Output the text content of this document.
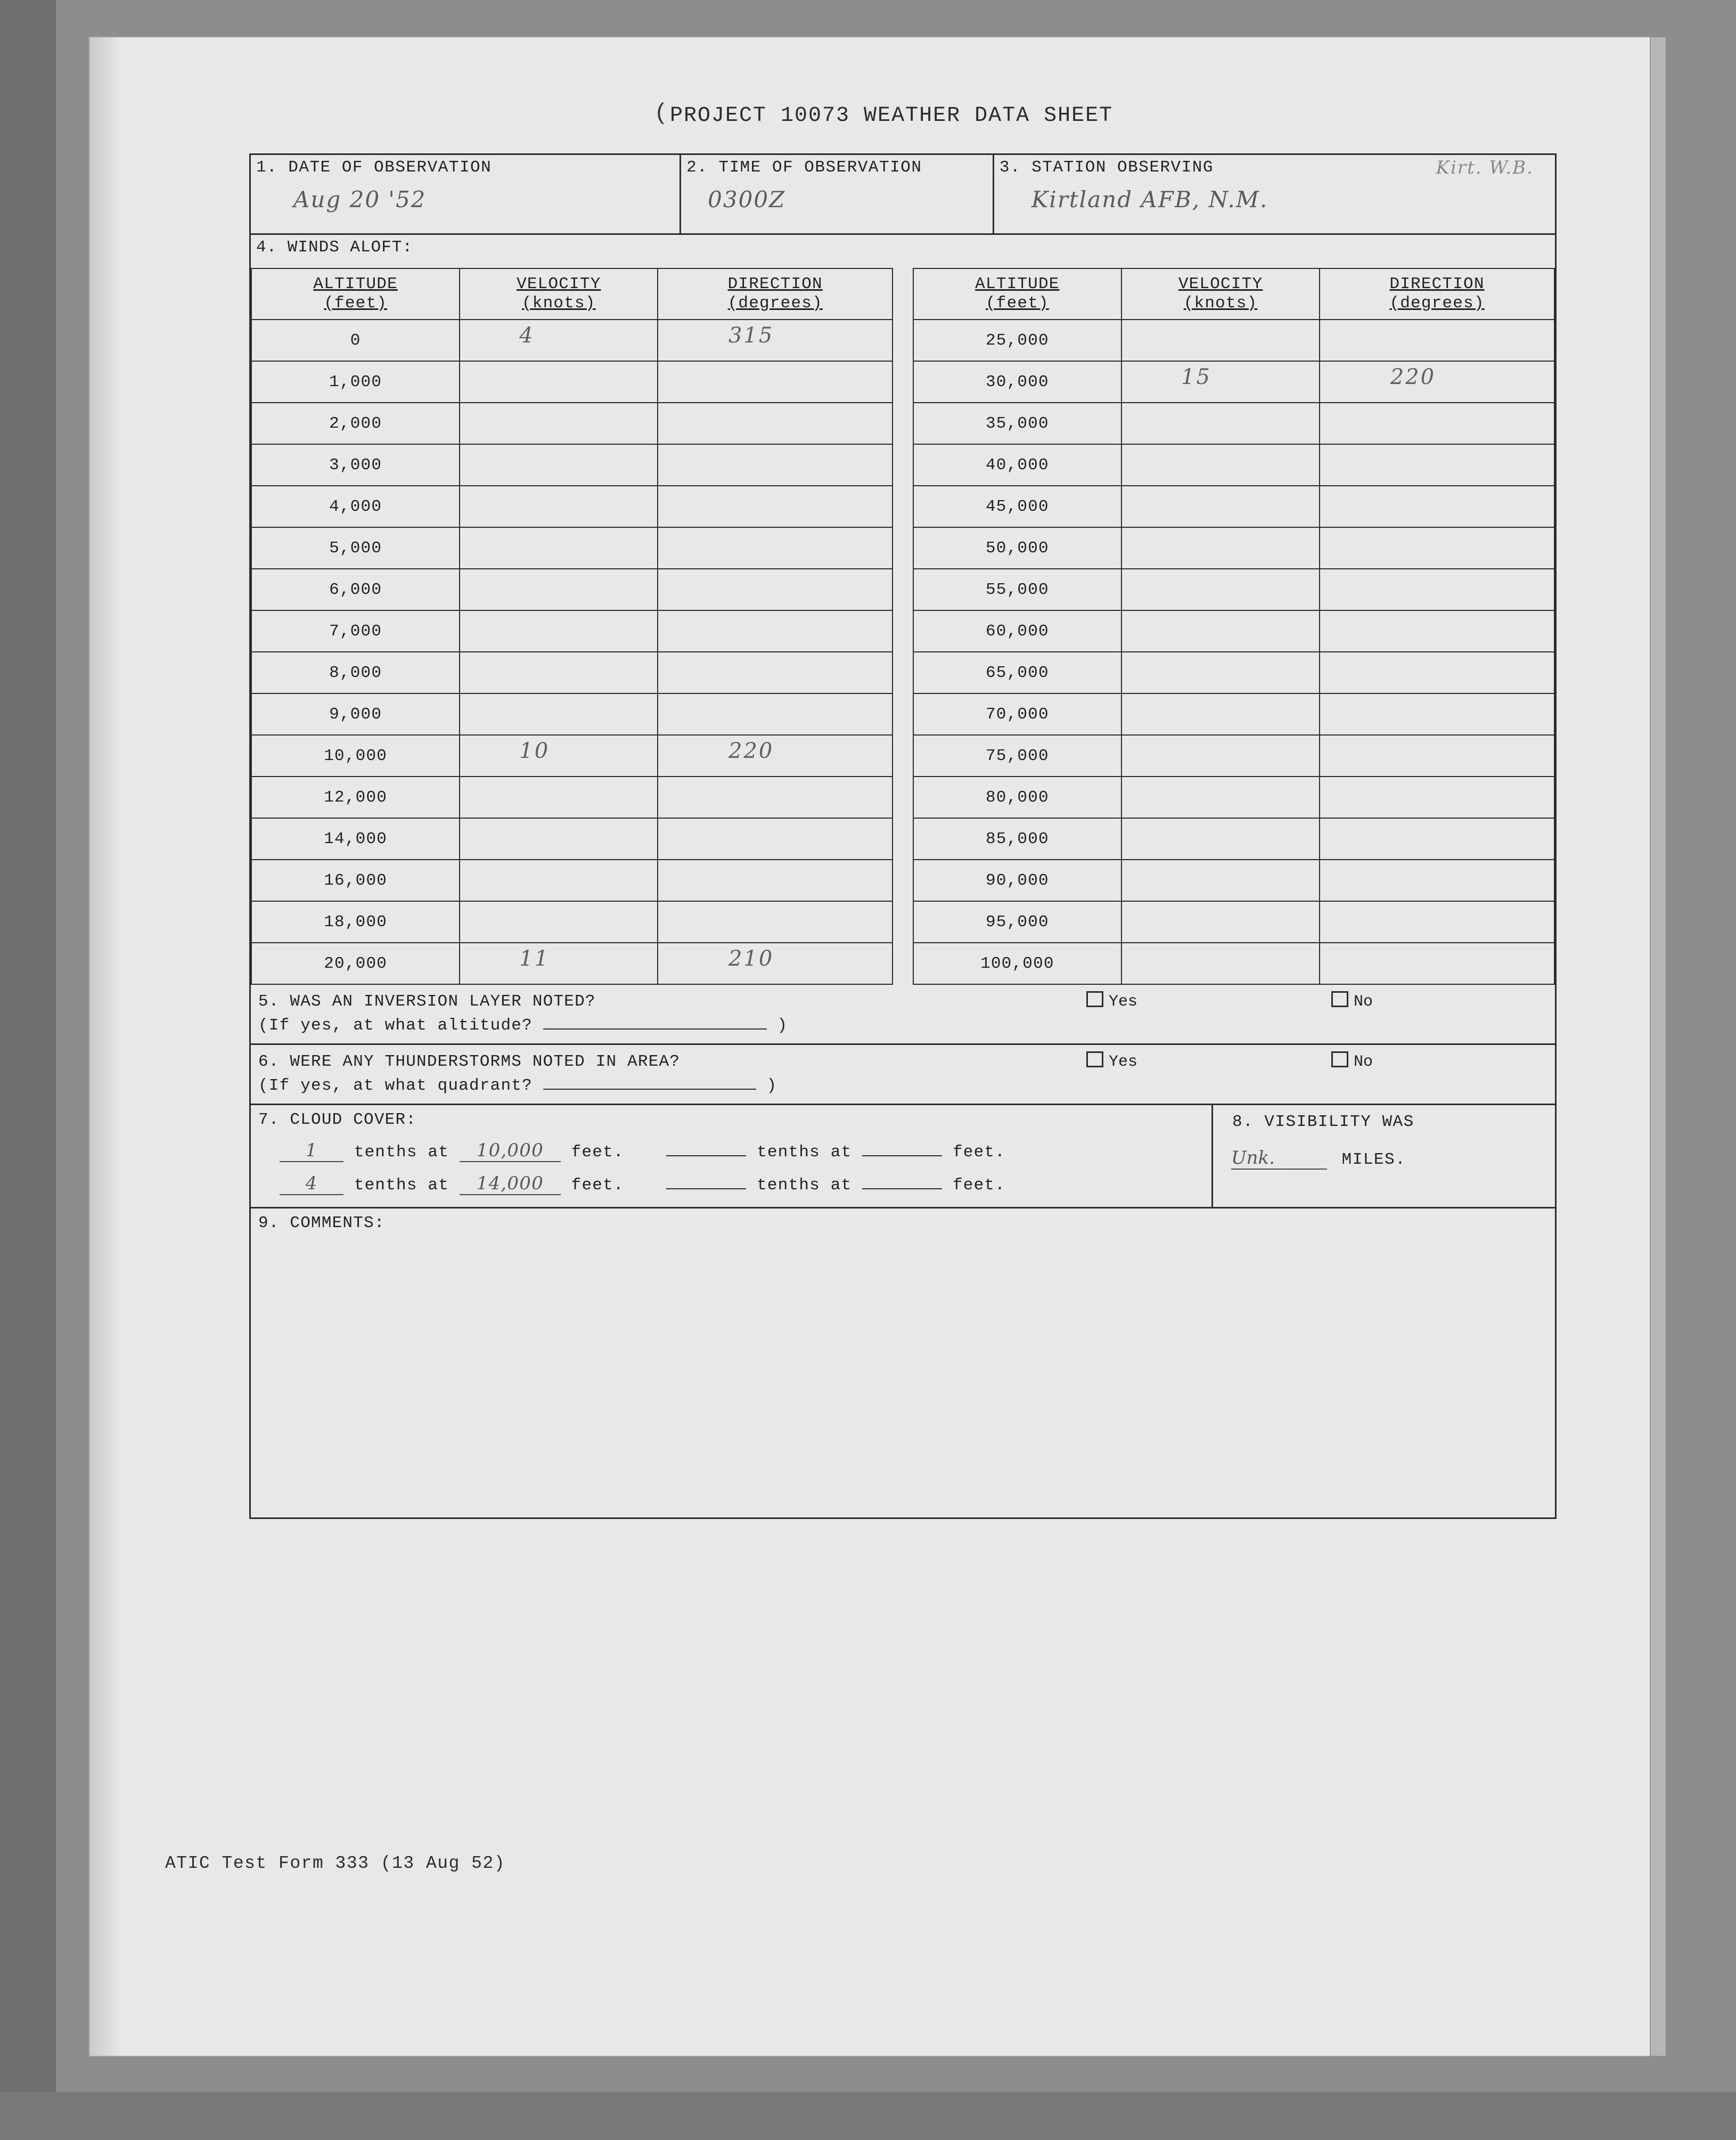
( PROJECT 10073 WEATHER DATA SHEET
1. DATE OF OBSERVATION
Aug 20 '52
2. TIME OF OBSERVATION
0300Z
3. STATION OBSERVING	Kirt. W.B.
Kirtland AFB, N.M.
4. WINDS ALOFT:
ALTITUDE
(feet)

VELOCITY
(knots)

DIRECTION
(degrees)

ALTITUDE
(feet)

VELOCITY
(knots)

DIRECTION
(degrees)

0	4	315		25,000	

1,000				30,000	15	220

2,000				35,000	

3,000				40,000	

4,000				45,000	

5,000				50,000	

6,000				55,000	

7,000				60,000	

8,000				65,000	

9,000				70,000	

10,000	10	220		75,000	

12,000				80,000	

14,000				85,000	

16,000				90,000	

18,000				95,000	

20,000	11	210		100,000	

5. WAS AN INVERSION LAYER NOTED?
(If yes, at what altitude?	)
Yes	No
6. WERE ANY THUNDERSTORMS NOTED IN AREA?
(If yes, at what quadrant?	)
Yes	No
7. CLOUD COVER:
1 tenths at 10,000 feet.	tenths at	feet.
4 tenths at 14,000 feet.	tenths at	feet.
8. VISIBILITY WAS
Unk.	MILES.
9. COMMENTS:
ATIC Test Form 333 (13 Aug 52)
